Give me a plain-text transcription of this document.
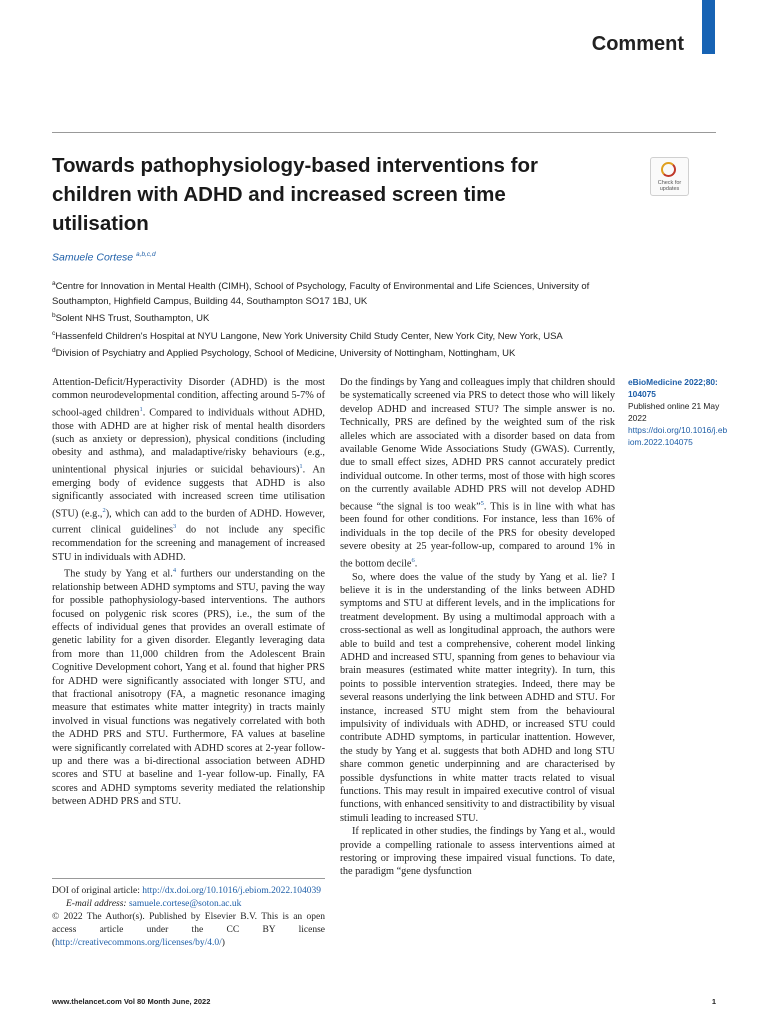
Comment
Towards pathophysiology-based interventions for children with ADHD and increased screen time utilisation
Check for
updates
Samuele Cortese $^{a,b,c,d}$
$^a$Centre for Innovation in Mental Health (CIMH), School of Psychology, Faculty of Environmental and Life Sciences, University of Southampton, Highfield Campus, Building 44, Southampton SO17 1BJ, UK
$^b$Solent NHS Trust, Southampton, UK
$^c$Hassenfeld Children's Hospital at NYU Langone, New York University Child Study Center, New York City, New York, USA
$^d$Division of Psychiatry and Applied Psychology, School of Medicine, University of Nottingham, Nottingham, UK

Attention-Deficit/Hyperactivity Disorder (ADHD) is the most common neurodevelopmental condition, affecting around 5-7% of school-aged children$^1$. Compared to individuals without ADHD, those with ADHD are at higher risk of mental health disorders (such as anxiety or depression), physical conditions (including obesity and asthma), and maladaptive/risky behaviours (e.g., unintentional physical injuries or suicidal behaviours)$^1$. An emerging body of evidence suggests that ADHD is also significantly associated with increased screen time utilisation (STU) (e.g.,$^2$), which can add to the burden of ADHD. However, current clinical guidelines$^3$ do not include any specific recommendation for the screening and management of increased STU in individuals with ADHD.

The study by Yang et al.$^4$ furthers our understanding on the relationship between ADHD symptoms and STU, paving the way for possible pathophysiology-based interventions. The authors focused on polygenic risk scores (PRS), i.e., the sum of the effects of individual genes that provides an overall estimate of genetic lability for a given disorder. Elegantly leveraging data from more than 11,000 children from the Adolescent Brain Cognitive Development cohort, Yang et al. found that higher PRS for ADHD were significantly associated with longer STU, and that fractional anisotropy (FA, a magnetic resonance imaging measure that estimates white matter integrity) in tracts mainly involved in visual functions was negatively correlated with both the ADHD PRS and STU. Furthermore, FA values at baseline were significantly correlated with ADHD scores at 2-year follow-up and there was a bi-directional association between ADHD scores and STU at baseline and 1-year follow-up. Finally, FA scores and ADHD symptoms severity mediated the relationship between ADHD PRS and STU.

DOI of original article: http://dx.doi.org/10.1016/j.ebiom.2022.104039

E-mail address: samuele.cortese@soton.ac.uk

© 2022 The Author(s). Published by Elsevier B.V. This is an open access article under the CC BY license (http://creativecommons.org/licenses/by/4.0/)

Do the findings by Yang and colleagues imply that children should be systematically screened via PRS to detect those who will likely develop ADHD and increased STU? The simple answer is no. Technically, PRS are defined by the weighted sum of the risk alleles which are associated with a disorder based on data from available Genome Wide Associations Study (GWAS). Currently, due to small effect sizes, ADHD PRS cannot accurately predict individual outcome. In other terms, most of those with high scores on the currently available ADHD PRS will not develop ADHD because “the signal is too weak”$^5$. This is in line with what has been found for other conditions. For instance, less than 16% of individuals in the top decile of the PRS for obesity developed severe obesity at 25 year-follow-up, compared to around 1% in the bottom decile$^6$.

So, where does the value of the study by Yang et al. lie? I believe it is in the understanding of the links between ADHD symptoms and STU at different levels, and in the implications for treatment development. By using a multimodal approach with a cross-sectional as well as longitudinal approach, the authors were able to build and test a comprehensive, coherent model linking ADHD and increased STU, spanning from genes to behaviour via brain measures (estimated white matter integrity). In turn, this points to possible intervention strategies. Indeed, there may be several reasons underlying the link between ADHD and STU. For instance, increased STU might stem from the behavioural impulsivity of individuals with ADHD, or increased STU could contribute ADHD symptoms, in particular inattention. However, the study by Yang et al. suggests that both ADHD and long STU share common genetic underpinning and are characterised by possible dysfunctions in white matter tracts related to visual functions. This may result in impaired executive control of visual functions, with enhanced sensitivity to and distractibility by visual stimuli leading to increased STU.

If replicated in other studies, the findings by Yang et al., would provide a compelling rationale to assess interventions aimed at restoring or improving these impaired visual functions. To date, the paradigm “gene dysfunction

eBioMedicine 2022;80: 104075
Published online 21 May 2022
https://doi.org/10.1016/j.ebiom.2022.104075
www.thelancet.com Vol 80 Month June, 2022	1
